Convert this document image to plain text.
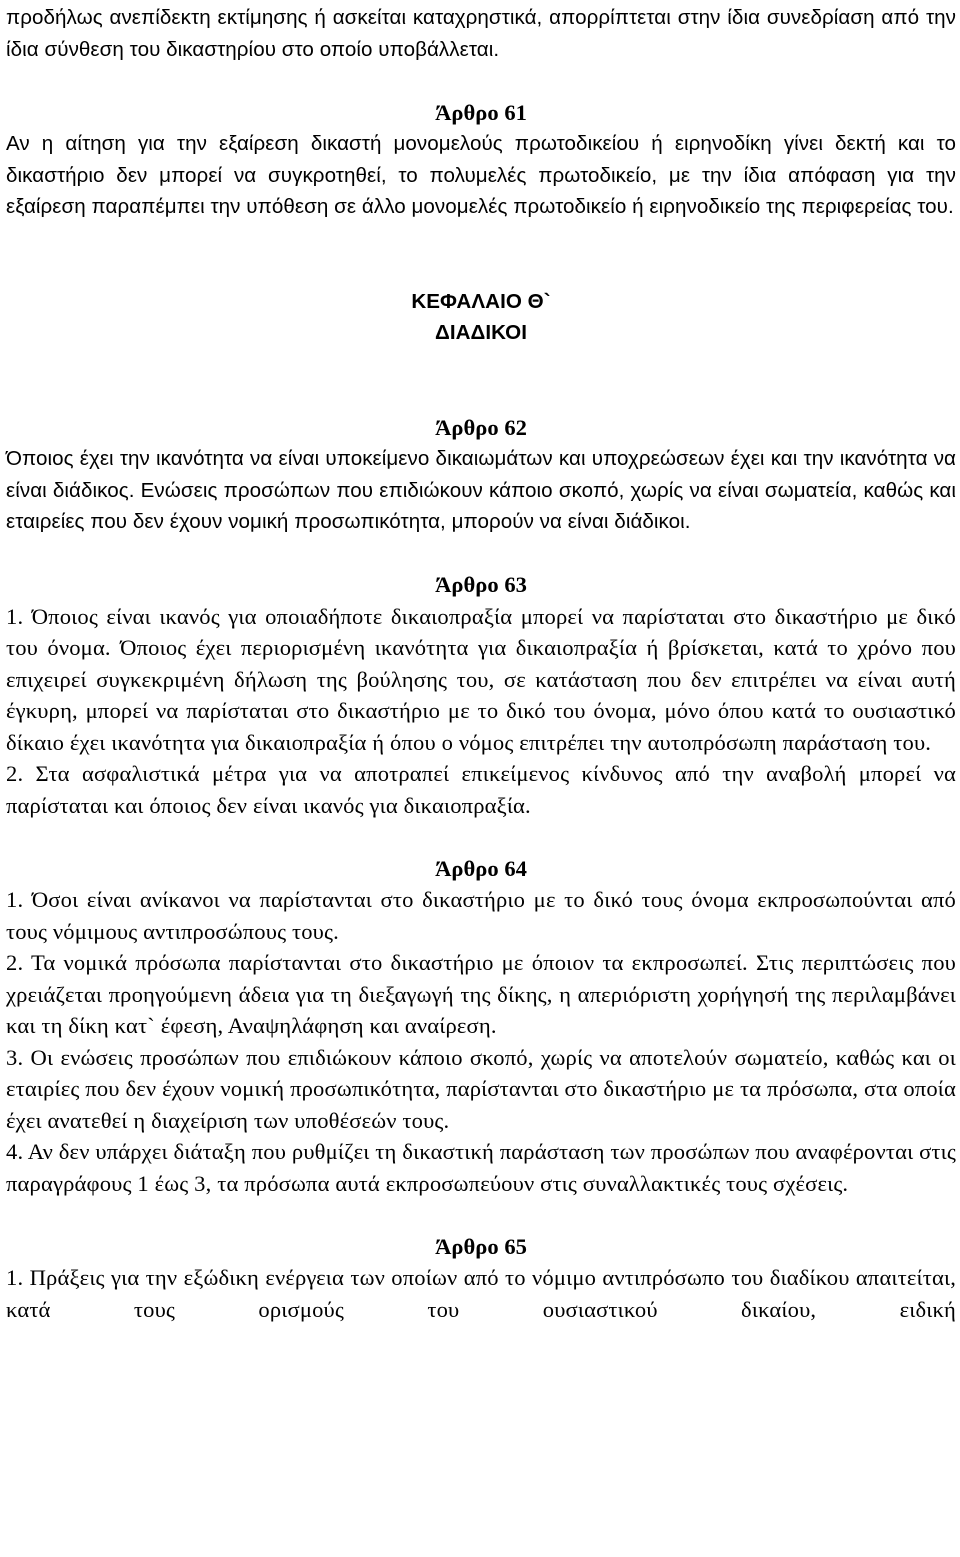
προδήλως ανεπίδεκτη εκτίμησης ή ασκείται καταχρηστικά, απορρίπτεται στην ίδια συνεδρίαση από την ίδια σύνθεση του δικαστηρίου στο οποίο υποβάλλεται.

Άρθρο 61

Αν η αίτηση για την εξαίρεση δικαστή μονομελούς πρωτοδικείου ή ειρηνοδίκη γίνει δεκτή και το δικαστήριο δεν μπορεί να συγκροτηθεί, το πολυμελές πρωτοδικείο, με την ίδια απόφαση για την εξαίρεση παραπέμπει την υπόθεση σε άλλο μονομελές πρωτοδικείο ή ειρηνοδικείο της περιφερείας του.

ΚΕΦΑΛΑΙΟ Θ`

ΔΙΑΔΙΚΟΙ

Άρθρο 62

Όποιος έχει την ικανότητα να είναι υποκείμενο δικαιωμάτων και υποχρεώσεων έχει και την ικανότητα να είναι διάδικος. Ενώσεις προσώπων που επιδιώκουν κάποιο σκοπό, χωρίς να είναι σωματεία, καθώς και εταιρείες που δεν έχουν νομική προσωπικότητα, μπορούν να είναι διάδικοι.

Άρθρο 63

1. Όποιος είναι ικανός για οποιαδήποτε δικαιοπραξία μπορεί να παρίσταται στο δικαστήριο με δικό του όνομα. Όποιος έχει περιορισμένη ικανότητα για δικαιοπραξία ή βρίσκεται, κατά το χρόνο που επιχειρεί συγκεκριμένη δήλωση της βούλησης του, σε κατάσταση που δεν επιτρέπει να είναι αυτή έγκυρη, μπορεί να παρίσταται στο δικαστήριο με το δικό του όνομα, μόνο όπου κατά το ουσιαστικό δίκαιο έχει ικανότητα για δικαιοπραξία ή όπου ο νόμος επιτρέπει την αυτοπρόσωπη παράσταση του.

2. Στα ασφαλιστικά μέτρα για να αποτραπεί επικείμενος κίνδυνος από την αναβολή μπορεί να παρίσταται και όποιος δεν είναι ικανός για δικαιοπραξία.

Άρθρο 64

1. Όσοι είναι ανίκανοι να παρίστανται στο δικαστήριο με το δικό τους όνομα εκπροσωπούνται από τους νόμιμους αντιπροσώπους τους.

2. Τα νομικά πρόσωπα παρίστανται στο δικαστήριο με όποιον τα εκπροσωπεί. Στις περιπτώσεις που χρειάζεται προηγούμενη άδεια για τη διεξαγωγή της δίκης, η απεριόριστη χορήγησή της περιλαμβάνει και τη δίκη κατ` έφεση, Αναψηλάφηση και αναίρεση.

3. Οι ενώσεις προσώπων που επιδιώκουν κάποιο σκοπό, χωρίς να αποτελούν σωματείο, καθώς και οι εταιρίες που δεν έχουν νομική προσωπικότητα, παρίστανται στο δικαστήριο με τα πρόσωπα, στα οποία έχει ανατεθεί η διαχείριση των υποθέσεών τους.

4. Αν δεν υπάρχει διάταξη που ρυθμίζει τη δικαστική παράσταση των προσώπων που αναφέρονται στις παραγράφους 1 έως 3, τα πρόσωπα αυτά εκπροσωπεύουν στις συναλλακτικές τους σχέσεις.

Άρθρο 65

1. Πράξεις για την εξώδικη ενέργεια των οποίων από το νόμιμο αντιπρόσωπο του διαδίκου απαιτείται, κατά τους ορισμούς του ουσιαστικού δικαίου, ειδική
